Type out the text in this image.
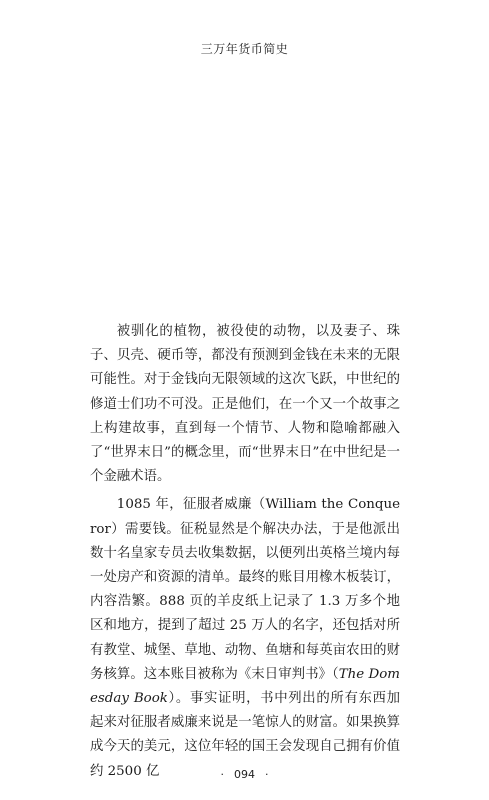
三万年货币简史

被驯化的植物，被役使的动物，以及妻子、珠子、贝壳、硬币等，都没有预测到金钱在未来的无限可能性。对于金钱向无限领域的这次飞跃，中世纪的修道士们功不可没。正是他们，在一个又一个故事之上构建故事，直到每一个情节、人物和隐喻都融入了“世界末日”的概念里，而“世界末日”在中世纪是一个金融术语。

1085 年，征服者威廉（William the Conqueror）需要钱。征税显然是个解决办法，于是他派出数十名皇家专员去收集数据，以便列出英格兰境内每一处房产和资源的清单。最终的账目用橡木板装订，内容浩繁。888 页的羊皮纸上记录了 1.3 万多个地区和地方，提到了超过 25 万人的名字，还包括对所有教堂、城堡、草地、动物、鱼塘和每英亩农田的财务核算。这本账目被称为《末日审判书》（The Domesday Book）。事实证明，书中列出的所有东西加起来对征服者威廉来说是一笔惊人的财富。如果换算成今天的美元，这位年轻的国王会发现自己拥有价值约 2500 亿	· 094 ·
